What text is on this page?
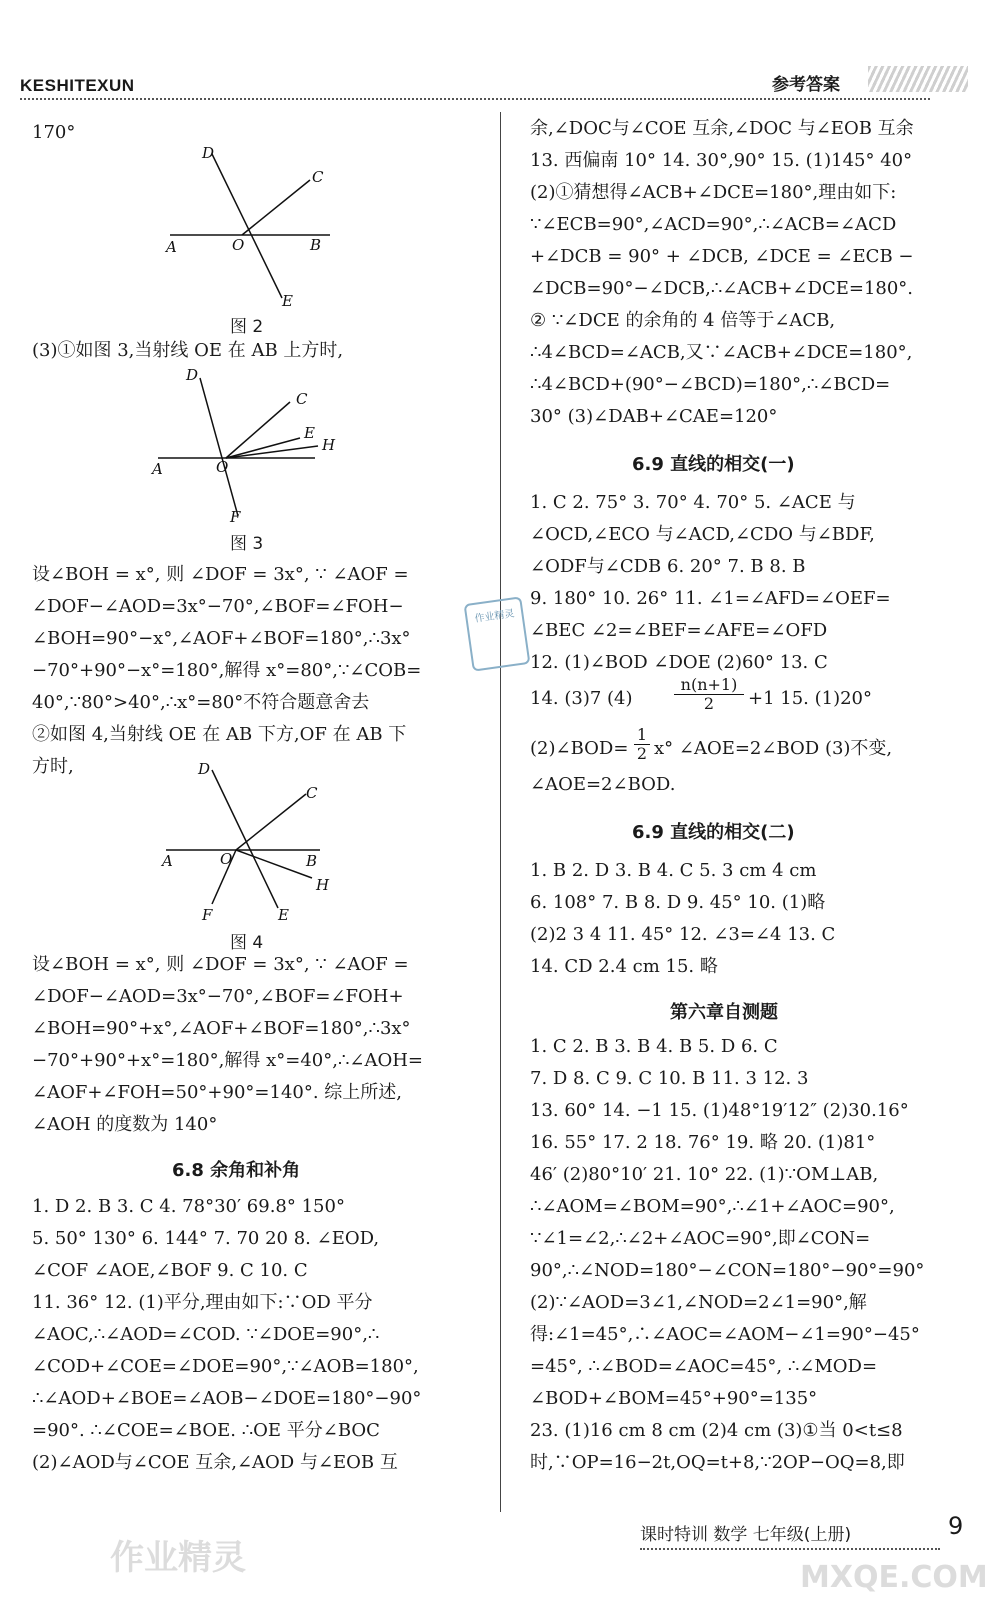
KESHITEXUN	参考答案
170°
D
C
A	O	B
E
图 2
(3)①如图 3,当射线 OE 在 AB 上方时,
D
C
E
H
A	O
F
图 3
设∠BOH = x°, 则 ∠DOF = 3x°, ∵ ∠AOF =
∠DOF−∠AOD=3x°−70°,∠BOF=∠FOH−
∠BOH=90°−x°,∠AOF+∠BOF=180°,∴3x°
−70°+90°−x°=180°,解得 x°=80°,∵∠COB=
40°,∵80°>40°,∴x°=80°不符合题意舍去
②如图 4,当射线 OE 在 AB 下方,OF 在 AB 下
方时,	D
C
A	O	B
H
F	E
图 4
设∠BOH = x°, 则 ∠DOF = 3x°, ∵ ∠AOF =
∠DOF−∠AOD=3x°−70°,∠BOF=∠FOH+
∠BOH=90°+x°,∠AOF+∠BOF=180°,∴3x°
−70°+90°+x°=180°,解得 x°=40°,∴∠AOH=
∠AOF+∠FOH=50°+90°=140°. 综上所述,
∠AOH 的度数为 140°
6.8 余角和补角
1. D 2. B 3. C 4. 78°30′ 69.8° 150°
5. 50° 130° 6. 144° 7. 70 20 8. ∠EOD,
∠COF ∠AOE,∠BOF 9. C 10. C
11. 36° 12. (1)平分,理由如下:∵OD 平分
∠AOC,∴∠AOD=∠COD. ∵∠DOE=90°,∴
∠COD+∠COE=∠DOE=90°,∵∠AOB=180°,
∴∠AOD+∠BOE=∠AOB−∠DOE=180°−90°
=90°. ∴∠COE=∠BOE. ∴OE 平分∠BOC
(2)∠AOD与∠COE 互余,∠AOD 与∠EOB 互
作业精灵
余,∠DOC与∠COE 互余,∠DOC 与∠EOB 互余
13. 西偏南 10° 14. 30°,90° 15. (1)145° 40°
(2)①猜想得∠ACB+∠DCE=180°,理由如下:
∵∠ECB=90°,∠ACD=90°,∴∠ACB=∠ACD
+∠DCB = 90° + ∠DCB, ∠DCE = ∠ECB −
∠DCB=90°−∠DCB,∴∠ACB+∠DCE=180°.
② ∵∠DCE 的余角的 4 倍等于∠ACB,
∴4∠BCD=∠ACB,又∵∠ACB+∠DCE=180°,
∴4∠BCD+(90°−∠BCD)=180°,∴∠BCD=
30° (3)∠DAB+∠CAE=120°
6.9 直线的相交(一)
1. C 2. 75° 3. 70° 4. 70° 5. ∠ACE 与
∠OCD,∠ECO 与∠ACD,∠CDO 与∠BDF,
∠ODF与∠CDB 6. 20° 7. B 8. B
9. 180° 10. 26° 11. ∠1=∠AFD=∠OEF=
∠BEC ∠2=∠BEF=∠AFE=∠OFD
12. (1)∠BOD ∠DOE (2)60° 13. C
14. (3)7 (4)	$\frac{n(n+1)}{2} +1$ 15. (1)20°
(2)∠BOD= $\frac{1}{2} x^\circ$ ∠AOE=2∠BOD (3)不变,
∠AOE=2∠BOD.
6.9 直线的相交(二)
1. B 2. D 3. B 4. C 5. 3 cm 4 cm
6. 108° 7. B 8. D 9. 45° 10. (1)略
(2)2 3 4 11. 45° 12. ∠3=∠4 13. C
14. CD 2.4 cm 15. 略
第六章自测题
1. C 2. B 3. B 4. B 5. D 6. C
7. D 8. C 9. C 10. B 11. 3 12. 3
13. 60° 14. −1 15. (1)48°19′12″ (2)30.16°
16. 55° 17. 2 18. 76° 19. 略 20. (1)81°
46′ (2)80°10′ 21. 10° 22. (1)∵OM⊥AB,
∴∠AOM=∠BOM=90°,∴∠1+∠AOC=90°,
∵∠1=∠2,∴∠2+∠AOC=90°,即∠CON=
90°,∴∠NOD=180°−∠CON=180°−90°=90°
(2)∵∠AOD=3∠1,∠NOD=2∠1=90°,解
得:∠1=45°,∴∠AOC=∠AOM−∠1=90°−45°
=45°, ∴∠BOD=∠AOC=45°, ∴∠MOD=
∠BOD+∠BOM=45°+90°=135°
23. (1)16 cm 8 cm (2)4 cm (3)①当 0<t≤8
时,∵OP=16−2t,OQ=t+8,∵2OP−OQ=8,即
课时特训 数学 七年级(上册)	9
作业精灵	MXQE.COM
